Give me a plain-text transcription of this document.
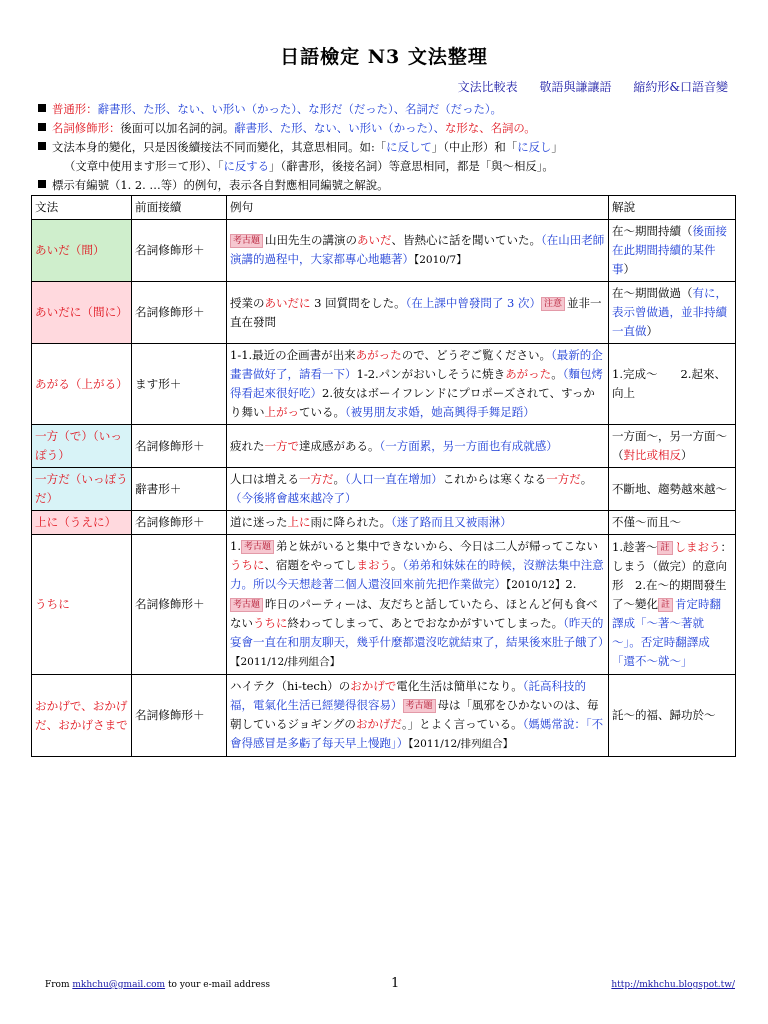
日語檢定 N3 文法整理
文法比較表 敬語與謙讓語 縮約形&口語音變
普通形：辭書形、た形、ない、い形い（かった）、な形だ（だった）、名詞だ（だった）。
名詞修飾形：後面可以加名詞的詞。辭書形、た形、ない、い形い（かった）、な形な、名詞の。
文法本身的變化，只是因後續接法不同而變化，其意思相同。如:「に反して」（中止形）和「に反し」
（文章中使用ます形＝て形）、「に反する」（辭書形，後接名詞）等意思相同，都是「與～相反」。
標示有編號（1. 2. …等）的例句，表示各自對應相同編號之解說。
文法	前面接續	例句	解說
あいだ（間）	名詞修飾形＋	考古題 山田先生の講演のあいだ、皆熱心に話を聞いていた。（在山田老師演講的過程中，大家都專心地聽著）【2010/7】	在～期間持續（後面接在此期間持續的某件事）
あいだに（間に）	名詞修飾形＋	授業のあいだに 3 回質問をした。（在上課中曾發問了 3 次） 注意 並非一直在發問	在～期間做過（有に，表示曾做過，並非持續一直做）
あがる（上がる）	ます形＋	1-1.最近の企画書が出来あがったので、どうぞご覧ください。（最新的企畫書做好了，請看一下）1-2.パンがおいしそうに焼きあがった。（麵包烤得看起來很好吃）2.彼女はボーイフレンドにプロポーズされて、すっかり舞い上がっている。（被男朋友求婚，她高興得手舞足蹈）	1.完成～　　2.起來、向上
一方（で）（いっぽう）	名詞修飾形＋	疲れた一方で達成感がある。（一方面累，另一方面也有成就感）	一方面～，另一方面～（對比或相反）
一方だ（いっぽうだ）	辭書形＋	人口は増える一方だ。（人口一直在增加）これからは寒くなる一方だ。（今後將會越來越冷了）	不斷地、趨勢越來越～
上に（うえに）	名詞修飾形＋	道に迷った上に雨に降られた。（迷了路而且又被雨淋）	不僅～而且～
うちに	名詞修飾形＋	1. 考古題 弟と妹がいると集中できないから、今日は二人が帰ってこないうちに、宿題をやってしまおう。（弟弟和妹妹在的時候，沒辦法集中注意力。所以今天想趁著二個人還沒回來前先把作業做完）【2010/12】2.考古題 昨日のパーティーは、友だちと話していたら、ほとんど何も食べないうちに終わってしまって、あとでおなかがすいてしまった。（昨天的宴會一直在和朋友聊天，幾乎什麼都還沒吃就結束了，結果後來肚子餓了）【2011/12/排列組合】	1.趁著～ 註 しまおう：しまう（做完）的意向形　2.在～的期間發生了～變化 註 肯定時翻譯成「～著～著就～」。否定時翻譯成「還不～就～」
おかげで、おかげだ、おかげさまで	名詞修飾形＋	ハイテク（hi-tech）のおかげで電化生活は簡単になり。（託高科技的福，電氣化生活已經變得很容易） 考古題 母は「風邪をひかないのは、毎朝しているジョギングのおかげだ。」とよく言っている。（媽媽常說：「不會得感冒是多虧了每天早上慢跑」）【2011/12/排列組合】	託～的福、歸功於～
From mkhchu@gmail.com to your e-mail address	1	http://mkhchu.blogspot.tw/
